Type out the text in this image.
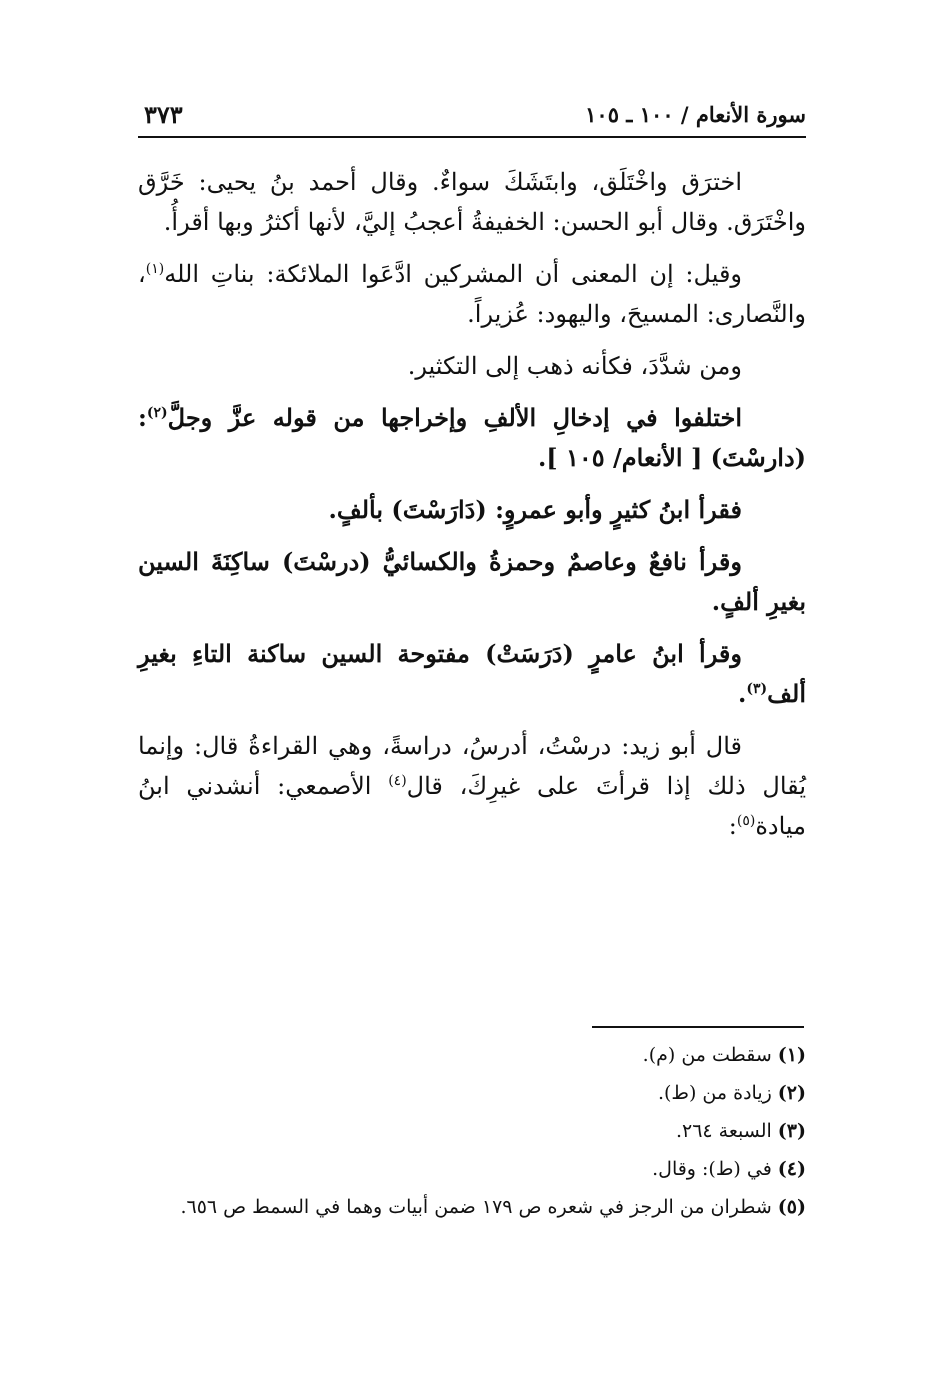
سورة الأنعام / ١٠٠ ـ ١٠٥
٣٧٣

اخترَق واخْتَلَق، وابتَشَكَ سواءٌ. وقال أحمد بنُ يحيى: خَرَّق واخْتَرَق. وقال أبو الحسن: الخفيفةُ أعجبُ إليَّ، لأنها أكثرُ وبها أقرأُ.

وقيل: إن المعنى أن المشركين ادَّعَوا الملائكة: بناتِ الله$^{(١)}$، والنَّصارى: المسيحَ، واليهود: عُزيراً.

ومن شدَّدَ، فكأنه ذهب إلى التكثير.

اختلفوا في إدخالِ الألفِ وإخراجها من قوله عزَّ وجلَّ$^{(٢)}$: (دارسْتَ) [ الأنعام/ ١٠٥ ].

فقرأ ابنُ كثيرٍ وأبو عمروٍ: (دَارَسْتَ) بألفٍ.

وقرأ نافعٌ وعاصمٌ وحمزةُ والكسائيُّ (درسْتَ) ساكِنَةَ السين بغيرِ ألفٍ.

وقرأ ابنُ عامرٍ (دَرَسَتْ) مفتوحة السين ساكنة التاءِ بغيرِ ألف$^{(٣)}$.

قال أبو زيد: درسْتُ، أدرسُ، دراسةً، وهي القراءةُ قال: وإنما يُقال ذلك إذا قرأتَ على غيرِكَ، قال$^{(٤)}$ الأصمعي: أنشدني ابنُ ميادة$^{(٥)}$:

(١)سقطت من (م).
(٢)زيادة من (ط).
(٣)السبعة ٢٦٤.
(٤)في (ط): وقال.
(٥)شطران من الرجز في شعره ص ١٧٩ ضمن أبيات وهما في السمط ص ٦٥٦.
